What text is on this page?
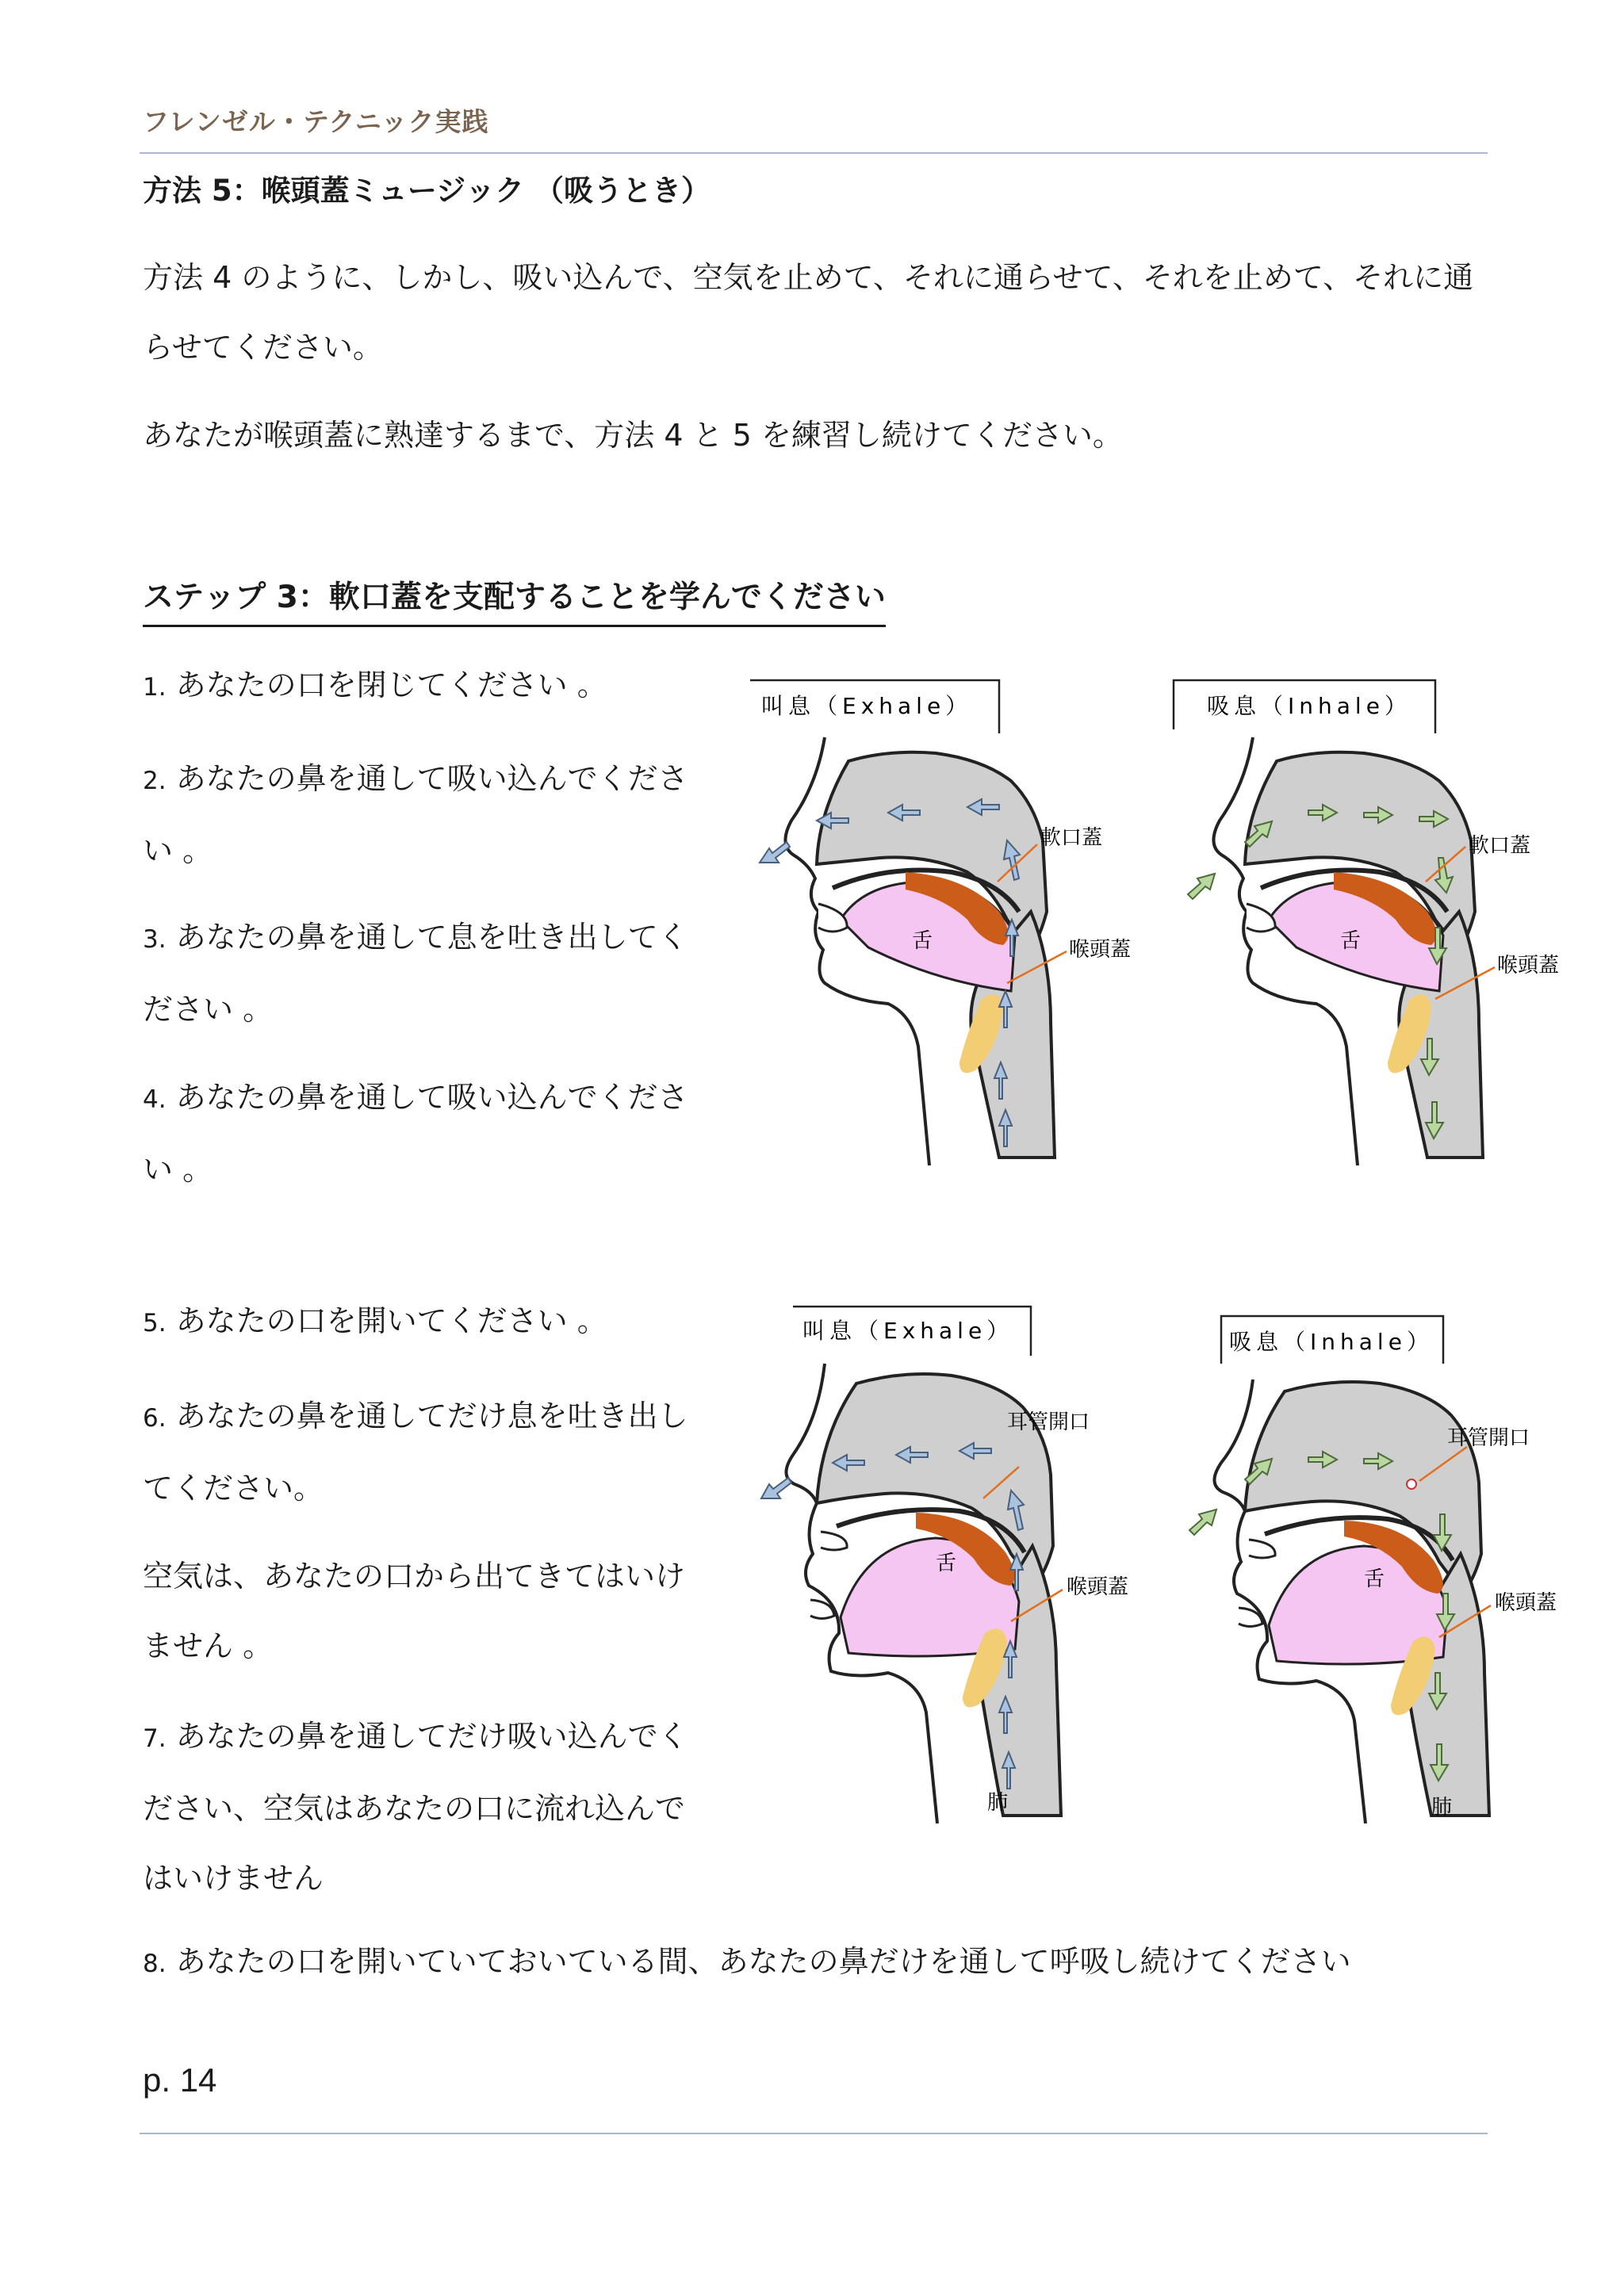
フレンゼル・テクニック実践
方法 5：喉頭蓋ミュージック （吸うとき）
方法 4 のように、しかし、吸い込んで、空気を止めて、それに通らせて、それを止めて、それに通らせてください。
あなたが喉頭蓋に熟達するまで、方法 4 と 5 を練習し続けてください。
ステップ 3：軟口蓋を支配することを学んでください
1. あなたの口を閉じてください 。
2. あなたの鼻を通して吸い込んでください 。
3. あなたの鼻を通して息を吐き出してください 。
4. あなたの鼻を通して吸い込んでください 。
5. あなたの口を開いてください 。
6. あなたの鼻を通してだけ息を吐き出してください。
空気は、あなたの口から出てきてはいけません 。
7. あなたの鼻を通してだけ吸い込んでください、空気はあなたの口に流れ込んではいけません
8. あなたの口を開いていておいている間、あなたの鼻だけを通して呼吸し続けてください
叫息（Exhale）
舌
軟口蓋
喉頭蓋
吸息（Inhale）
舌
軟口蓋
喉頭蓋
叫息（Exhale）
舌
耳管開口
喉頭蓋
肺
吸息（Inhale）
舌
耳管開口
喉頭蓋
肺
p. 14
